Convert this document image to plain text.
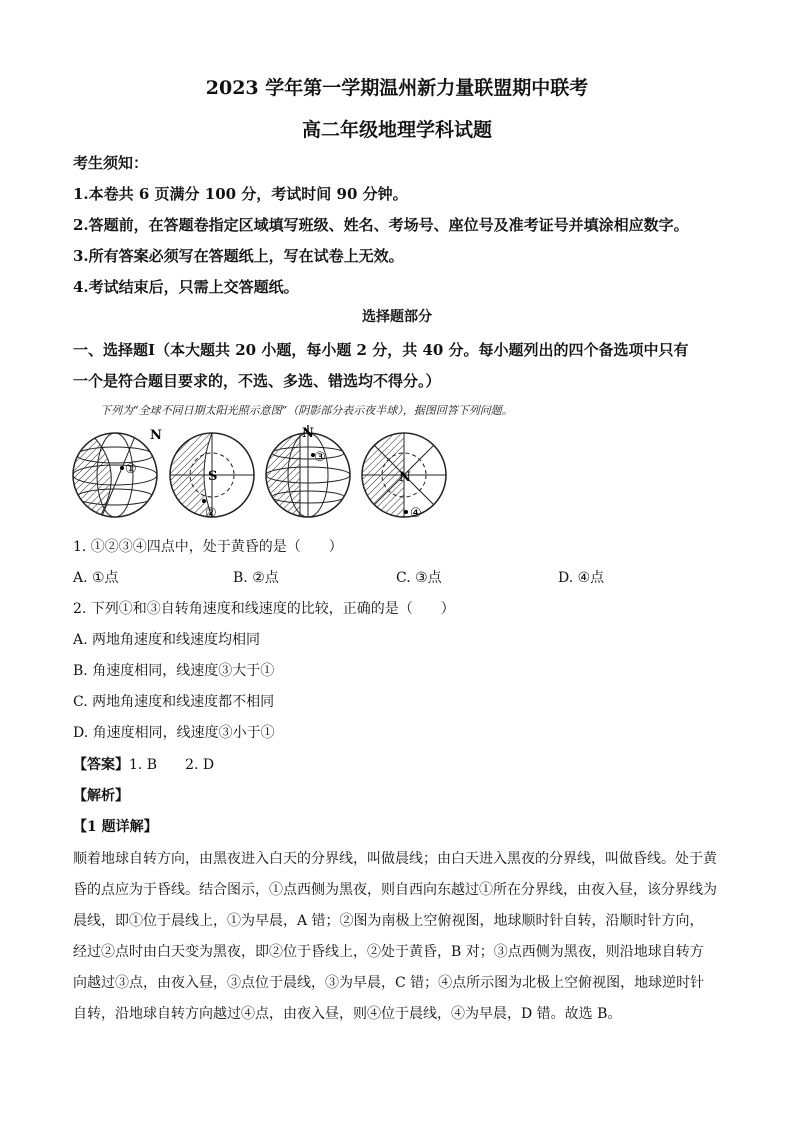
2023 学年第一学期温州新力量联盟期中联考
高二年级地理学科试题
考生须知：
1.本卷共 6 页满分 100 分，考试时间 90 分钟。
2.答题前，在答题卷指定区域填写班级、姓名、考场号、座位号及准考证号并填涂相应数字。
3.所有答案必须写在答题纸上，写在试卷上无效。
4.考试结束后，只需上交答题纸。
选择题部分
一、选择题Ⅰ（本大题共 20 小题，每小题 2 分，共 40 分。每小题列出的四个备选项中只有
一个是符合题目要求的，不选、多选、错选均不得分。）
下列为“全球不同日期太阳光照示意图”（阴影部分表示夜半球），据图回答下列问题。
N
①	S
②
N
③
N
④
1. ①②③④四点中，处于黄昏的是（　　）
A. ①点	B. ②点	C. ③点	D. ④点
2. 下列①和③自转角速度和线速度的比较，正确的是（　　）
A. 两地角速度和线速度均相同
B. 角速度相同，线速度③大于①
C. 两地角速度和线速度都不相同
D. 角速度相同，线速度③小于①
【答案】1. B　　2. D
【解析】
【1 题详解】
顺着地球自转方向，由黑夜进入白天的分界线，叫做晨线；由白天进入黑夜的分界线，叫做昏线。处于黄
昏的点应为于昏线。结合图示，①点西侧为黑夜，则自西向东越过①所在分界线，由夜入昼，该分界线为
晨线，即①位于晨线上，①为早晨，A 错；②图为南极上空俯视图，地球顺时针自转，沿顺时针方向，
经过②点时由白天变为黑夜，即②位于昏线上，②处于黄昏，B 对；③点西侧为黑夜，则沿地球自转方
向越过③点，由夜入昼，③点位于晨线，③为早晨，C 错；④点所示图为北极上空俯视图，地球逆时针
自转，沿地球自转方向越过④点，由夜入昼，则④位于晨线，④为早晨，D 错。故选 B。
